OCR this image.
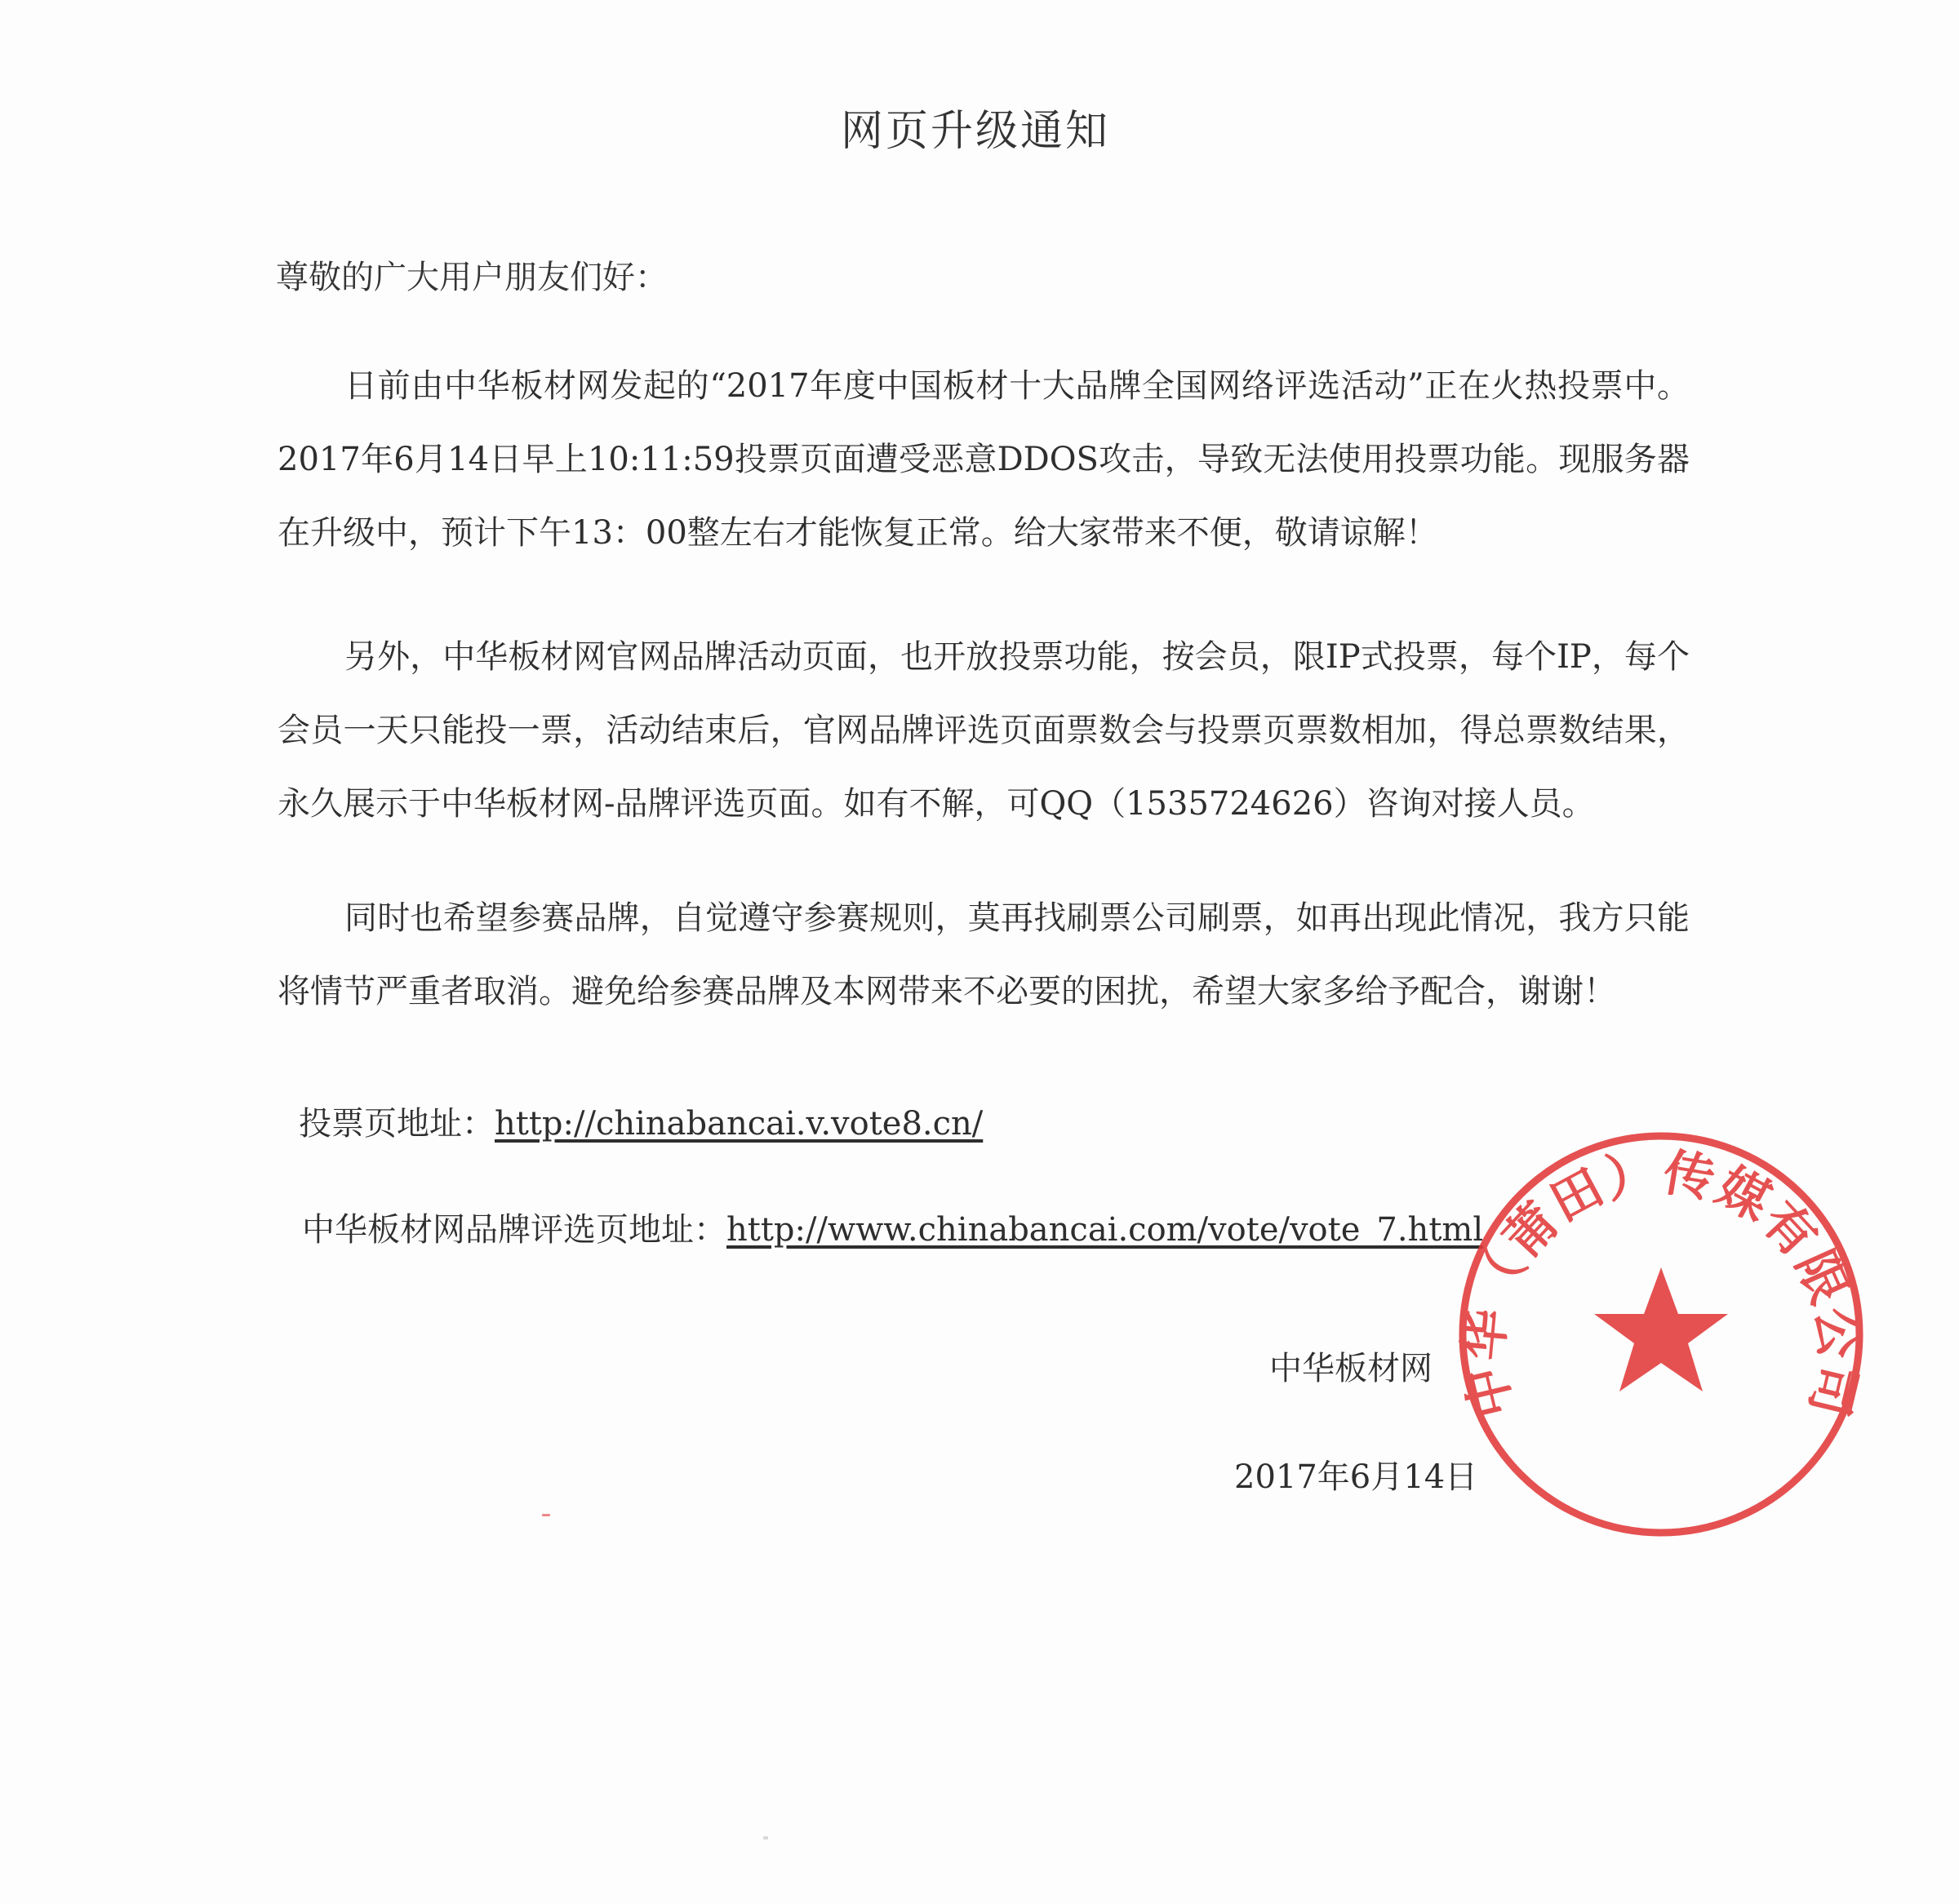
网页升级通知
尊敬的广大用户朋友们好：

日前由中华板材网发起的“2017年度中国板材十大品牌全国网络评选活动”正在火热投票中。2017年6月14日早上10:11:59投票页面遭受恶意DDOS攻击，导致无法使用投票功能。现服务器在升级中，预计下午13：00整左右才能恢复正常。给大家带来不便，敬请谅解！

另外，中华板材网官网品牌活动页面，也开放投票功能，按会员，限IP式投票，每个IP，每个会员一天只能投一票，活动结束后，官网品牌评选页面票数会与投票页票数相加，得总票数结果，永久展示于中华板材网-品牌评选页面。如有不解，可QQ（1535724626）咨询对接人员。

同时也希望参赛品牌，自觉遵守参赛规则，莫再找刷票公司刷票，如再出现此情况，我方只能将情节严重者取消。避免给参赛品牌及本网带来不必要的困扰，希望大家多给予配合，谢谢！

投票页地址：http://chinabancai.v.vote8.cn/
中华板材网品牌评选页地址：http://www.chinabancai.com/vote/vote_7.html
中华板材网
2017年6月14日
中华（莆田）传媒有限公司
